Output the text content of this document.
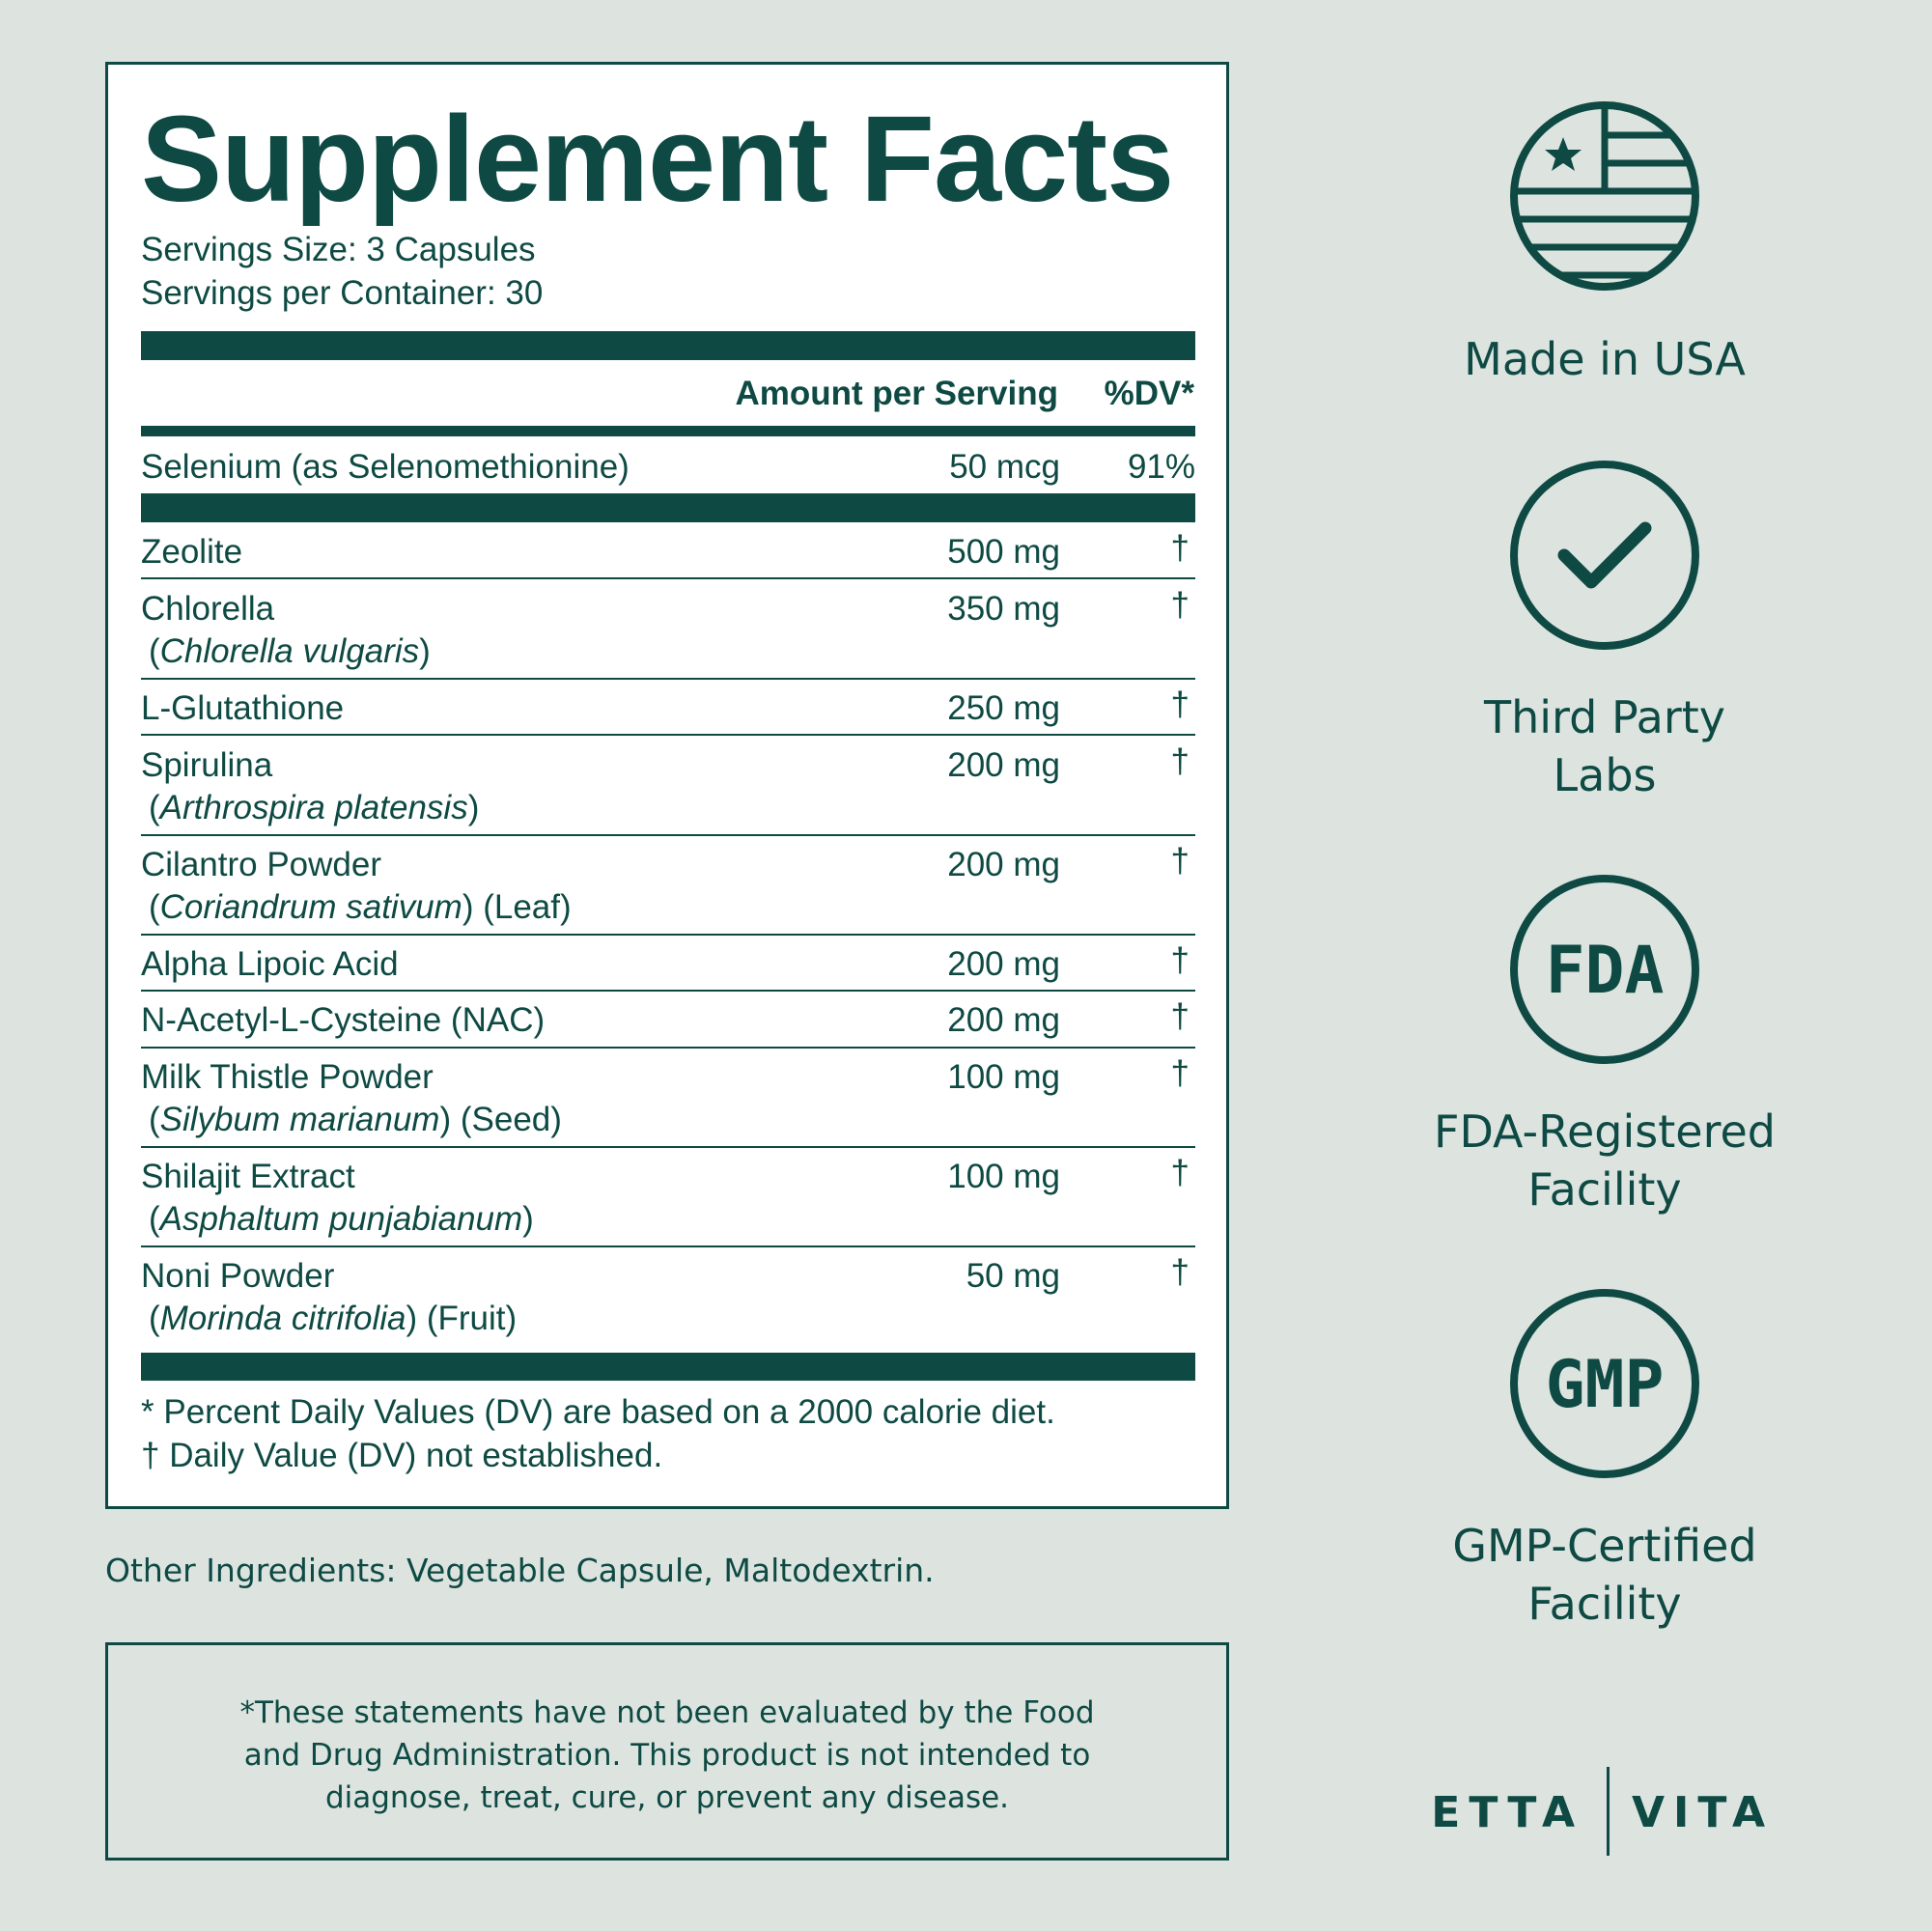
Supplement Facts
Servings Size: 3 Capsules
Servings per Container: 30
Amount per Serving %DV*
Selenium (as Selenomethionine)	50 mcg 91%
Zeolite	500 mg	†
Chlorella
(Chlorella vulgaris)
350 mg	†
L-Glutathione	250 mg	†
Spirulina
(Arthrospira platensis)
200 mg	†
Cilantro Powder
(Coriandrum sativum) (Leaf)
200 mg	†
Alpha Lipoic Acid	200 mg	†
N-Acetyl-L-Cysteine (NAC)	200 mg	†
Milk Thistle Powder
(Silybum marianum) (Seed)
100 mg	†
Shilajit Extract
(Asphaltum punjabianum)
100 mg	†
Noni Powder
(Morinda citrifolia) (Fruit)
50 mg	†
* Percent Daily Values (DV) are based on a 2000 calorie diet.
† Daily Value (DV) not established.
Other Ingredients: Vegetable Capsule, Maltodextrin.
*These statements have not been evaluated by the Food
and Drug Administration. This product is not intended to
diagnose, treat, cure, or prevent any disease.
Made in USA
Third Party
Labs
FDA
FDA-Registered
Facility
GMP
GMP-Certified
Facility
ETTA VITA
